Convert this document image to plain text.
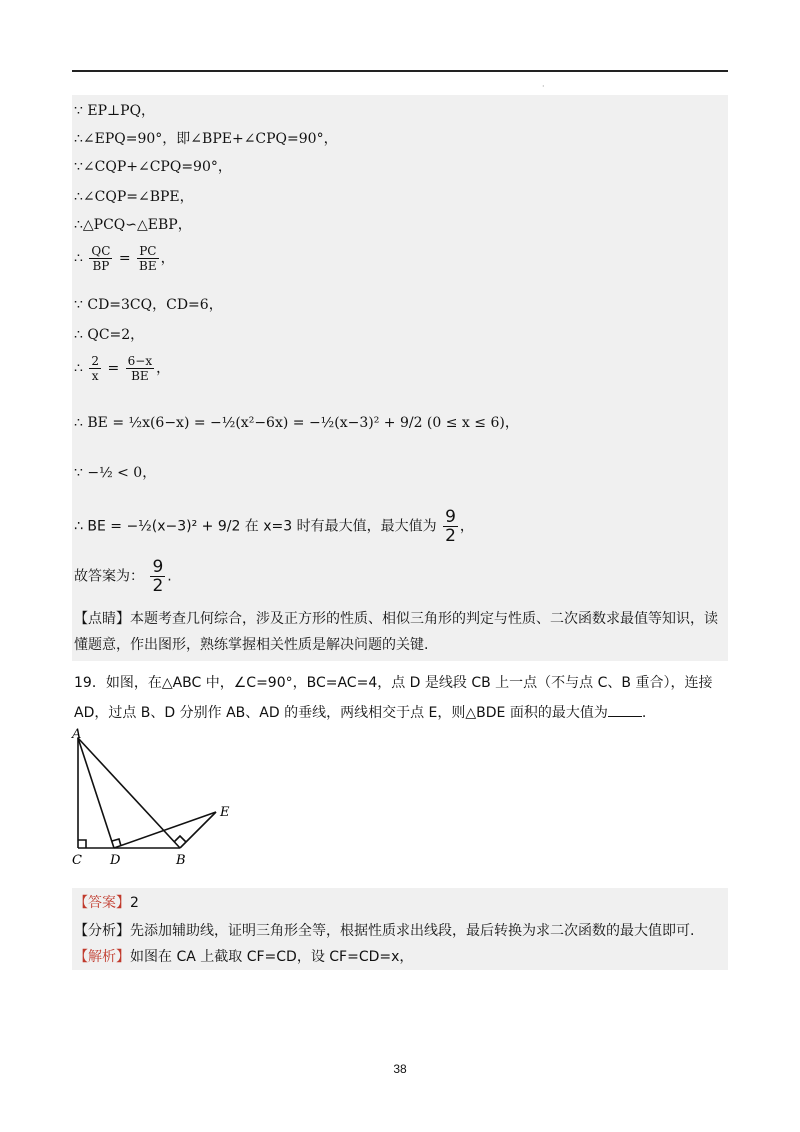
·
∵ EP⊥PQ，
∴∠EPQ=90°，即∠BPE+∠CPQ=90°，
∵∠CQP+∠CPQ=90°，
∴∠CQP=∠BPE，
∴△PCQ∽△EBP，
∴ $\frac{QC}{BP} = \frac{PC}{BE}$ ，
∵ CD=3CQ，CD=6，
∴ QC=2，
∴ $\frac{2}{x} = \frac{6-x}{BE}$ ，
∴ BE = ½x(6−x) = −½(x²−6x) = −½(x−3)² + 9/2 (0 ≤ x ≤ 6)，
∵ −½ < 0，
∴ BE = −½(x−3)² + 9/2 在 x=3 时有最大值，最大值为 $\frac{9}{2}$ ，
故答案为： $\frac{9}{2}$ .
【点睛】本题考查几何综合，涉及正方形的性质、相似三角形的判定与性质、二次函数求最值等知识，读懂题意，作出图形，熟练掌握相关性质是解决问题的关键.
19．如图，在△ABC 中，∠C=90°，BC=AC=4，点 D 是线段 CB 上一点（不与点 C、B 重合），连接 AD，过点 B、D 分别作 AB、AD 的垂线，两线相交于点 E，则△BDE 面积的最大值为 .
A
C D	B
E
【答案】2
【分析】先添加辅助线，证明三角形全等，根据性质求出线段，最后转换为求二次函数的最大值即可.
【解析】如图在 CA 上截取 CF=CD，设 CF=CD=x，
38
